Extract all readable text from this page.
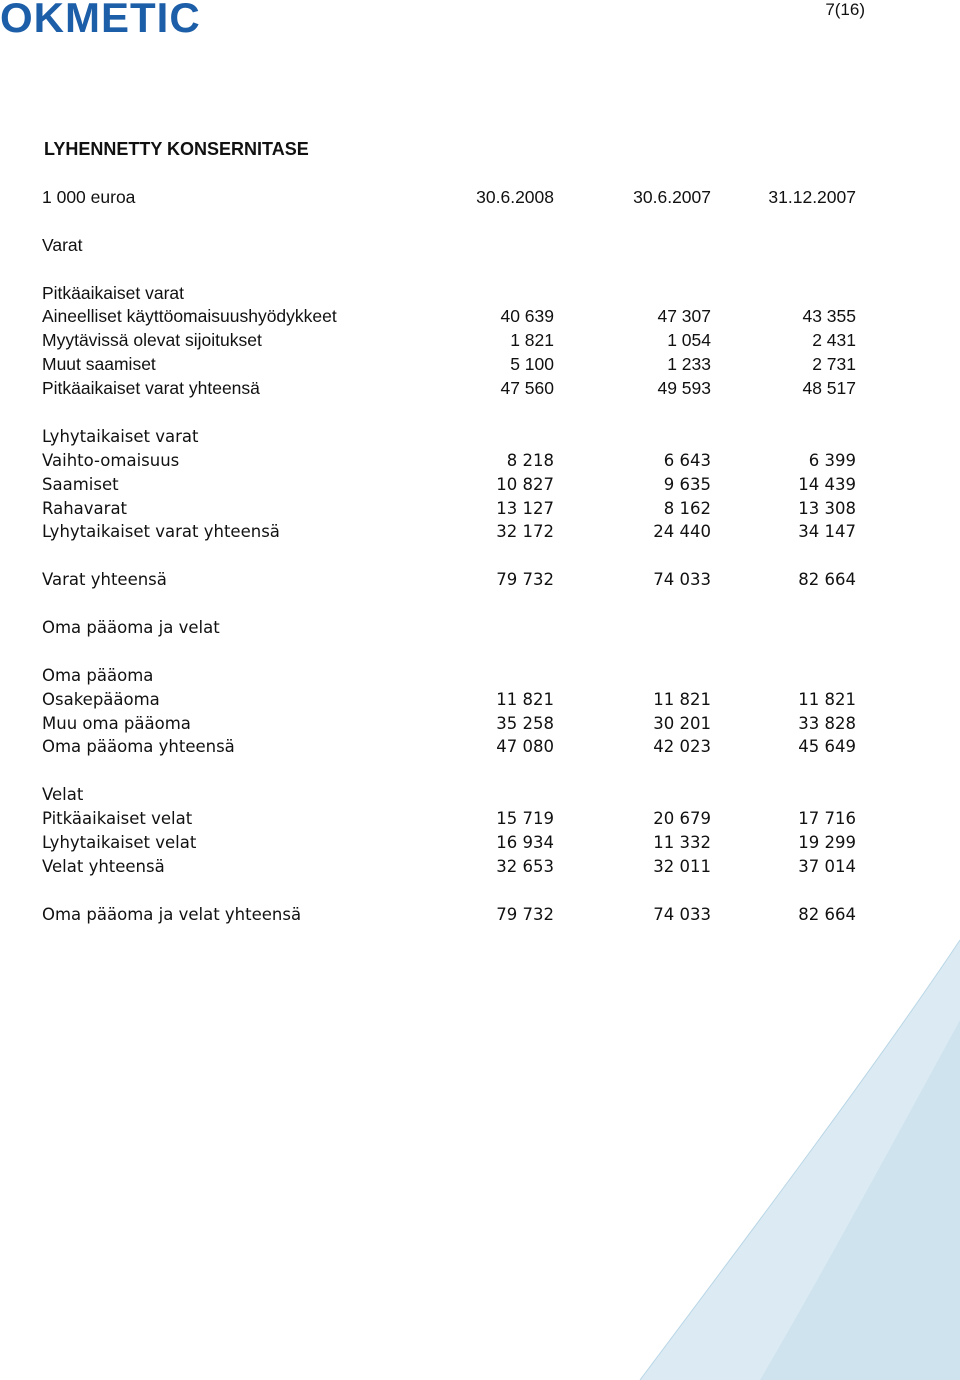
OKMETIC	7(16)
LYHENNETTY KONSERNITASE
1 000 euroa	30.6.2008	30.6.2007	31.12.2007
Varat
Pitkäaikaiset varat
Aineelliset käyttöomaisuushyödykkeet	40 639	47 307	43 355
Myytävissä olevat sijoitukset	1 821	1 054	2 431
Muut saamiset	5 100	1 233	2 731
Pitkäaikaiset varat yhteensä	47 560	49 593	48 517
Lyhytaikaiset varat
Vaihto-omaisuus	8 218	6 643	6 399
Saamiset	10 827	9 635	14 439
Rahavarat	13 127	8 162	13 308
Lyhytaikaiset varat yhteensä	32 172	24 440	34 147
Varat yhteensä	79 732	74 033	82 664
Oma pääoma ja velat
Oma pääoma
Osakepääoma	11 821	11 821	11 821
Muu oma pääoma	35 258	30 201	33 828
Oma pääoma yhteensä	47 080	42 023	45 649
Velat
Pitkäaikaiset velat	15 719	20 679	17 716
Lyhytaikaiset velat	16 934	11 332	19 299
Velat yhteensä	32 653	32 011	37 014
Oma pääoma ja velat yhteensä	79 732	74 033	82 664
